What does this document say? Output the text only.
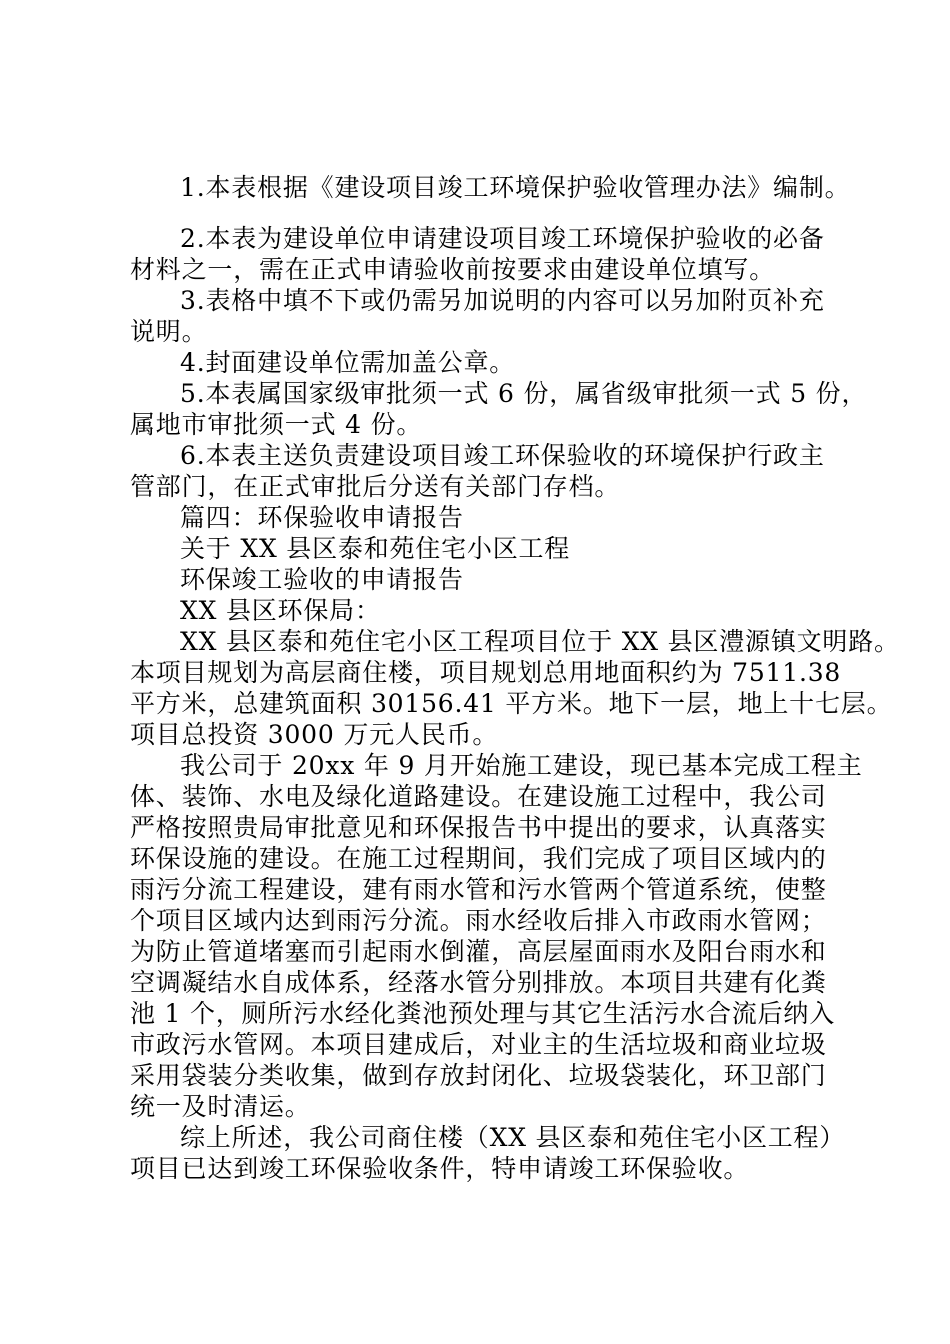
1.本表根据《建设项目竣工环境保护验收管理办法》编制。
2.本表为建设单位申请建设项目竣工环境保护验收的必备
材料之一，需在正式申请验收前按要求由建设单位填写。
3.表格中填不下或仍需另加说明的内容可以另加附页补充
说明。
4.封面建设单位需加盖公章。
5.本表属国家级审批须一式 6 份，属省级审批须一式 5 份，
属地市审批须一式 4 份。
6.本表主送负责建设项目竣工环保验收的环境保护行政主
管部门，在正式审批后分送有关部门存档。
篇四：环保验收申请报告
关于 XX 县区泰和苑住宅小区工程
环保竣工验收的申请报告
XX 县区环保局：
XX 县区泰和苑住宅小区工程项目位于 XX 县区澧源镇文明路。
本项目规划为高层商住楼，项目规划总用地面积约为 7511.38
平方米，总建筑面积 30156.41 平方米。地下一层，地上十七层。
项目总投资 3000 万元人民币。
我公司于 20xx 年 9 月开始施工建设，现已基本完成工程主
体、装饰、水电及绿化道路建设。在建设施工过程中，我公司
严格按照贵局审批意见和环保报告书中提出的要求，认真落实
环保设施的建设。在施工过程期间，我们完成了项目区域内的
雨污分流工程建设，建有雨水管和污水管两个管道系统，使整
个项目区域内达到雨污分流。雨水经收后排入市政雨水管网；
为防止管道堵塞而引起雨水倒灌，高层屋面雨水及阳台雨水和
空调凝结水自成体系，经落水管分别排放。本项目共建有化粪
池 1 个，厕所污水经化粪池预处理与其它生活污水合流后纳入
市政污水管网。本项目建成后，对业主的生活垃圾和商业垃圾
采用袋装分类收集，做到存放封闭化、垃圾袋装化，环卫部门
统一及时清运。
综上所述，我公司商住楼（XX 县区泰和苑住宅小区工程）
项目已达到竣工环保验收条件，特申请竣工环保验收。
